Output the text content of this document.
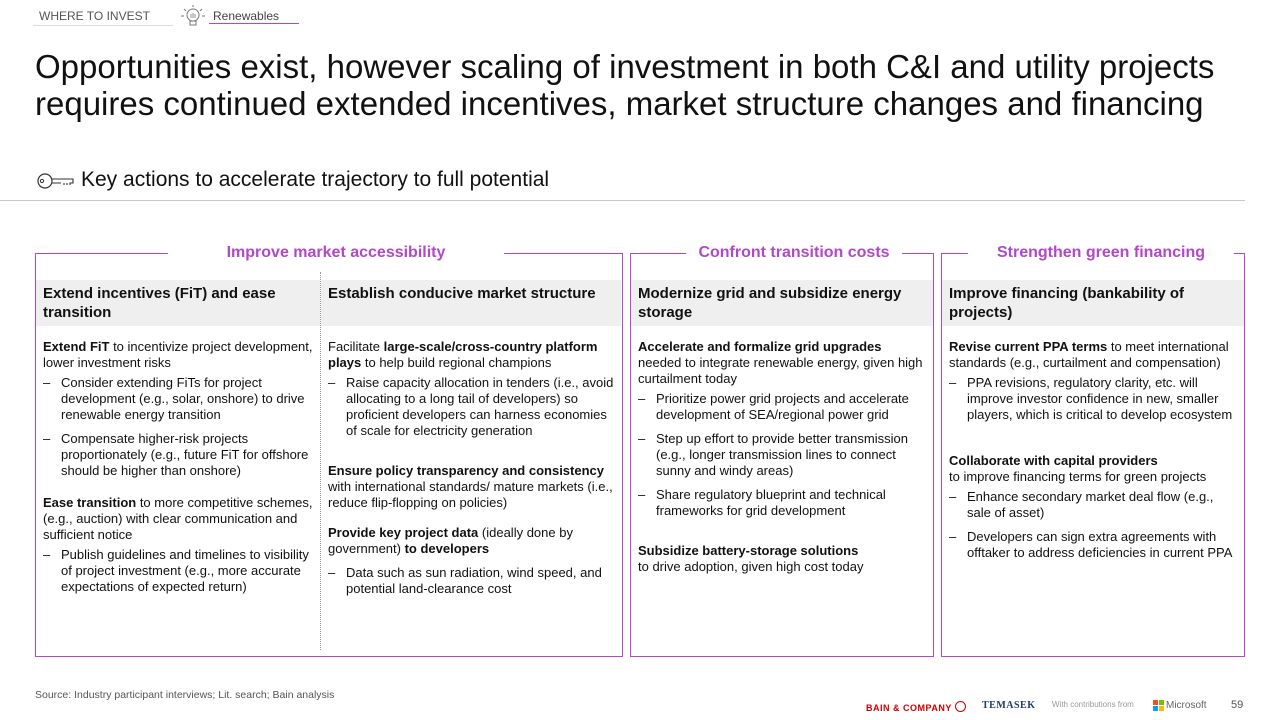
WHERE TO INVEST	Renewables
Opportunities exist, however scaling of investment in both C&I and utility projects requires continued extended incentives, market structure changes and financing
Key actions to accelerate trajectory to full potential
Improve market accessibility
Extend incentives (FiT) and ease transition

Extend FiT to incentivize project development, lower investment risks

– Consider extending FiTs for project development (e.g., solar, onshore) to drive renewable energy transition
– Compensate higher-risk projects proportionately (e.g., future FiT for offshore should be higher than onshore)

Ease transition to more competitive schemes, (e.g., auction) with clear communication and sufficient notice

– Publish guidelines and timelines to visibility of project investment (e.g., more accurate expectations of expected return)
Establish conducive market structure

Facilitate large-scale/cross-country platform plays to help build regional champions

– Raise capacity allocation in tenders (i.e., avoid allocating to a long tail of developers) so proficient developers can harness economies of scale for electricity generation

Ensure policy transparency and consistency with international standards/ mature markets (i.e., reduce flip-flopping on policies)

Provide key project data (ideally done by government) to developers

– Data such as sun radiation, wind speed, and potential land-clearance cost
Confront transition costs
Modernize grid and subsidize energy storage

Accelerate and formalize grid upgrades needed to integrate renewable energy, given high curtailment today

– Prioritize power grid projects and accelerate development of SEA/regional power grid
– Step up effort to provide better transmission (e.g., longer transmission lines to connect sunny and windy areas)
– Share regulatory blueprint and technical frameworks for grid development

Subsidize battery-storage solutions
to drive adoption, given high cost today

Strengthen green financing
Improve financing (bankability of projects)

Revise current PPA terms to meet international standards (e.g., curtailment and compensation)

– PPA revisions, regulatory clarity, etc. will improve investor confidence in new, smaller players, which is critical to develop ecosystem

Collaborate with capital providers
to improve financing terms for green projects

– Enhance secondary market deal flow (e.g., sale of asset)
– Developers can sign extra agreements with offtaker to address deficiencies in current PPA
Source: Industry participant interviews; Lit. search; Bain analysis
BAIN & COMPANY	TEMASEK With contributions from	Microsoft 59
